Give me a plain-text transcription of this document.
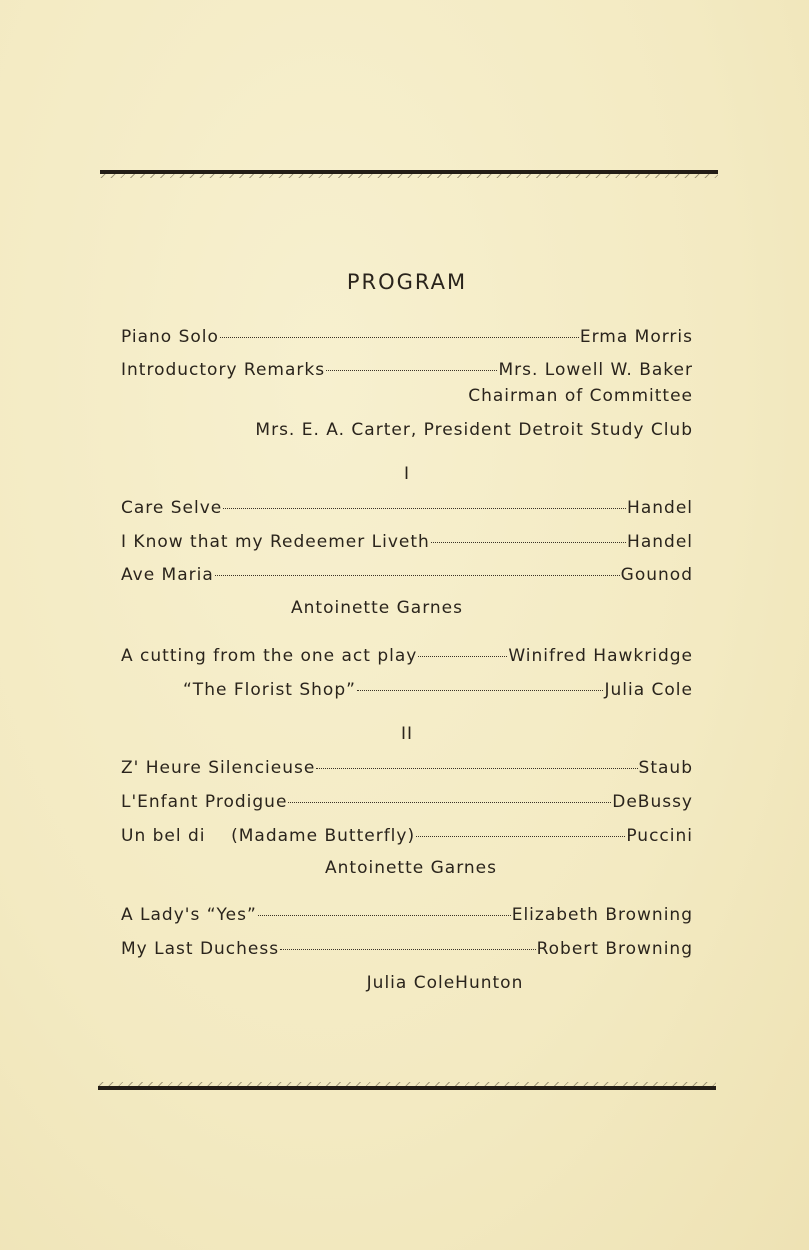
PROGRAM
Piano Solo	Erma Morris
Introductory Remarks	Mrs. Lowell W. Baker
Chairman of Committee
Mrs. E. A. Carter, President Detroit Study Club
I
Care Selve	Handel
I Know that my Redeemer Liveth	Handel
Ave Maria	Gounod
Antoinette Garnes
A cutting from the one act play	Winifred Hawkridge
“The Florist Shop”	Julia Cole
II
Z' Heure Silencieuse	Staub
L'Enfant Prodigue	DeBussy
Un bel di    (Madame Butterfly)	Puccini
Antoinette Garnes
A Lady's “Yes”	Elizabeth Browning
My Last Duchess	Robert Browning
Julia ColeHunton
